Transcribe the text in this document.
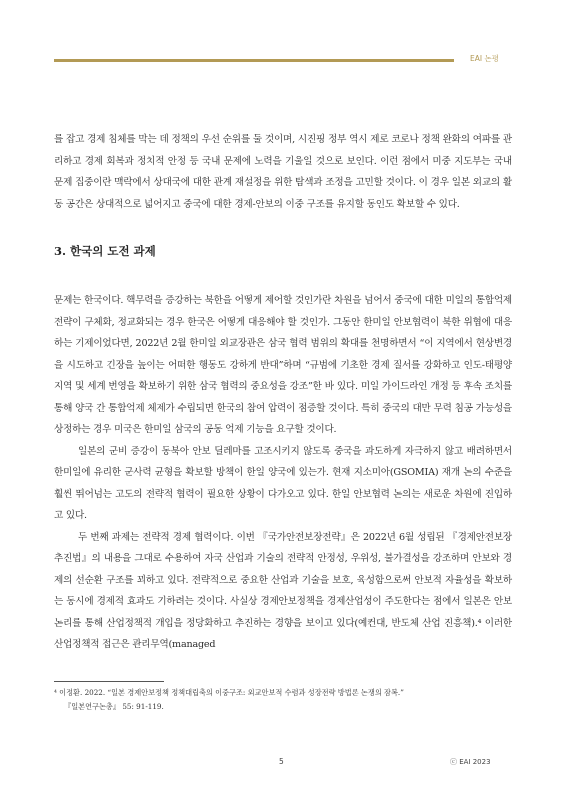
EAI 논평

를 잡고 경제 침체를 막는 데 정책의 우선 순위를 둘 것이며, 시진핑 정부 역시 제로 코로나 정책 완화의 여파를 관리하고 경제 회복과 정치적 안정 등 국내 문제에 노력을 기울일 것으로 보인다. 이런 점에서 미중 지도부는 국내 문제 집중이란 맥락에서 상대국에 대한 관계 재설정을 위한 탐색과 조정을 고민할 것이다. 이 경우 일본 외교의 활동 공간은 상대적으로 넓어지고 중국에 대한 경제-안보의 이중 구조를 유지할 동인도 확보할 수 있다.

3. 한국의 도전 과제

문제는 한국이다. 핵무력을 증강하는 북한을 어떻게 제어할 것인가란 차원을 넘어서 중국에 대한 미일의 통합억제 전략이 구체화, 정교화되는 경우 한국은 어떻게 대응해야 할 것인가. 그동안 한미일 안보협력이 북한 위협에 대응하는 기제이었다면, 2022년 2월 한미일 외교장관은 삼국 협력 범위의 확대를 천명하면서 “이 지역에서 현상변경을 시도하고 긴장을 높이는 어떠한 행동도 강하게 반대”하며 “규범에 기초한 경제 질서를 강화하고 인도-태평양 지역 및 세계 번영을 확보하기 위한 삼국 협력의 중요성을 강조”한 바 있다. 미일 가이드라인 개정 등 후속 조치를 통해 양국 간 통합억제 체제가 수립되면 한국의 참여 압력이 점증할 것이다. 특히 중국의 대만 무력 침공 가능성을 상정하는 경우 미국은 한미일 삼국의 공동 억제 기능을 요구할 것이다.

일본의 군비 증강이 동북아 안보 딜레마를 고조시키지 않도록 중국을 과도하게 자극하지 않고 배려하면서 한미일에 유리한 군사력 균형을 확보할 방책이 한일 양국에 있는가. 현재 지소미아(GSOMIA) 재개 논의 수준을 훨씬 뛰어넘는 고도의 전략적 협력이 필요한 상황이 다가오고 있다. 한일 안보협력 논의는 새로운 차원에 진입하고 있다.

두 번째 과제는 전략적 경제 협력이다. 이번 『국가안전보장전략』은 2022년 6월 성립된 『경제안전보장추진법』의 내용을 그대로 수용하여 자국 산업과 기술의 전략적 안정성, 우위성, 불가결성을 강조하며 안보와 경제의 선순환 구조를 꾀하고 있다. 전략적으로 중요한 산업과 기술을 보호, 육성함으로써 안보적 자율성을 확보하는 동시에 경제적 효과도 기하려는 것이다. 사실상 경제안보정책을 경제산업성이 주도한다는 점에서 일본은 안보 논리를 통해 산업정책적 개입을 정당화하고 추진하는 경향을 보이고 있다(예컨대, 반도체 산업 진흥책).⁴ 이러한 산업정책적 접근은 관리무역(managed

⁴ 이정환. 2022. “일본 경제안보정책 정책대립축의 이중구조: 외교안보적 수렴과 성장전략 방법론 논쟁의 잠복.”

『일본연구논총』 55: 91-119.

5	ⓒ EAI 2023
